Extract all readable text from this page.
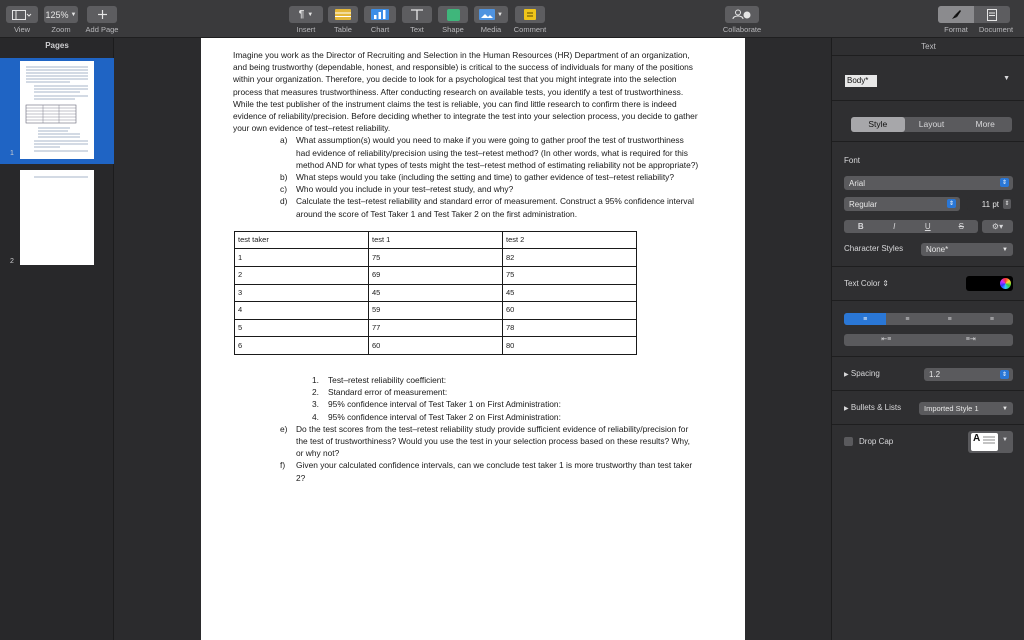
View
125% ▼
Zoom	Add Page
¶ ▼
Insert	Table	Chart	Text	Shape
▼
Media	Comment	Collaborate	Format	Document
Pages
1
2

Imagine you work as the Director of Recruiting and Selection in the Human Resources (HR) Department of an organization, and being trustworthy (dependable, honest, and responsible) is critical to the success of individuals for many of the positions within your organization. Therefore, you decide to look for a psychological test that you might integrate into the selection process that measures trustworthiness. After conducting research on available tests, you identify a test of trustworthiness. While the test publisher of the instrument claims the test is reliable, you can find little research to confirm there is indeed evidence of reliability/precision. Before deciding whether to integrate the test into your selection process, you decide to gather your own evidence of test–retest reliability.

a)	What assumption(s) would you need to make if you were going to gather proof the test of trustworthiness had evidence of reliability/precision using the test–retest method? (In other words, what is required for this method AND for what types of tests might the test–retest method of estimating reliability not be appropriate?)
b)	What steps would you take (including the setting and time) to gather evidence of test–retest reliability?
c)	Who would you include in your test–retest study, and why?
d)	Calculate the test–retest reliability and standard error of measurement. Construct a 95% confidence interval around the score of Test Taker 1 and Test Taker 2 on the first administration.
test taker	test 1	test 2
1	75	82
2	69	75
3	45	45
4	59	60
5	77	78
6	60	80
1.	Test–retest reliability coefficient:
2.	Standard error of measurement:
3.	95% confidence interval of Test Taker 1 on First Administration:
4.	95% confidence interval of Test Taker 2 on First Administration:
e)	Do the test scores from the test–retest reliability study provide sufficient evidence of reliability/precision for the test of trustworthiness? Would you use the test in your selection process based on these results? Why, or why not?
f)	Given your calculated confidence intervals, can we conclude test taker 1 is more trustworthy than test taker 2?
Text
Body*	▼
Style	Layout	More
Font
Arial	⇕
Regular	⇕	11 pt ⇕
B	I	U	S	⚙▾
Character Styles	None*	▼
Text Color ⇕
≡	≡	≡	≡
⇤≡	≡⇥
▶ Spacing	1.2	⇕
▶ Bullets & Lists	Imported Style 1	▼
Drop Cap	A	▼
